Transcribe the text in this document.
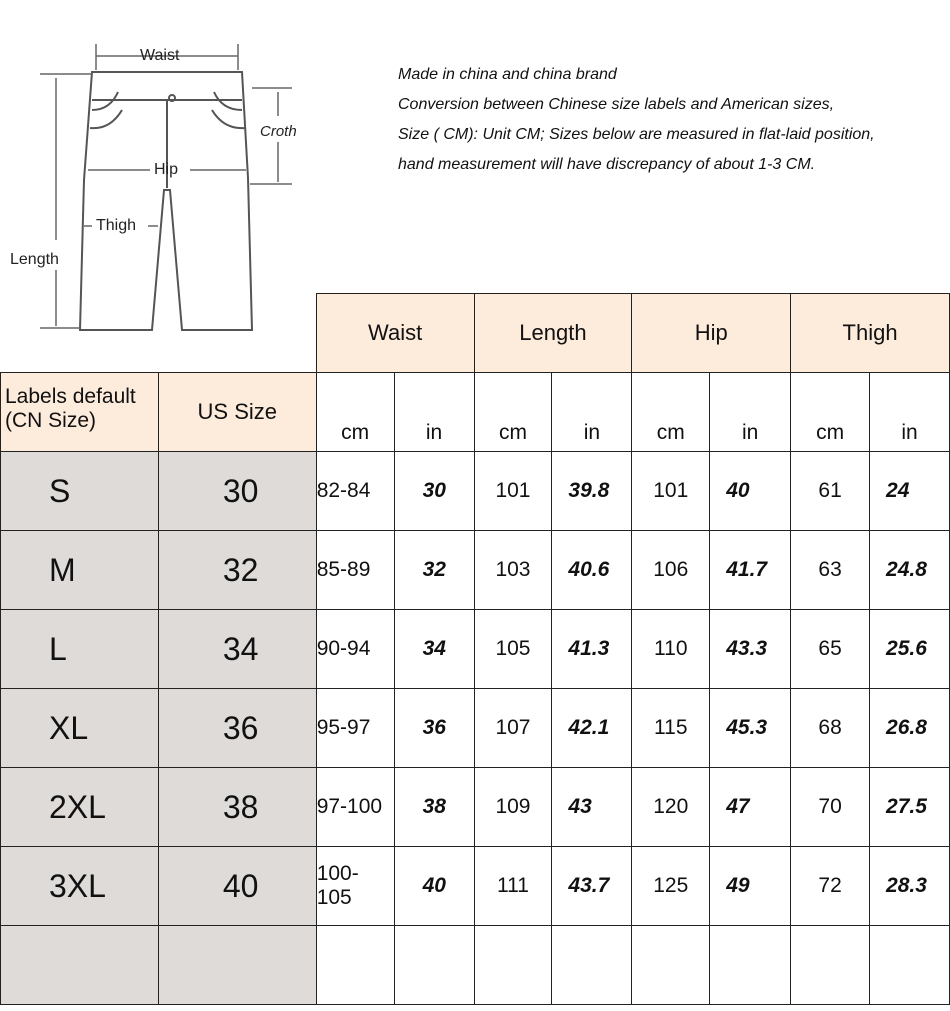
Waist
Croth
Hip
Thigh
Length
Made in china and china brand
Conversion between Chinese size labels and American sizes,
Size ( CM): Unit CM; Sizes below are measured in flat-laid position,
hand measurement will have discrepancy of about 1-3 CM.
		Waist		Length		Hip		Thigh	
Labels default
(CN Size)	US Size	cm	in	cm	in	cm	in	cm	in
S	30	82-84	30	101	39.8	101	40	61	24
M	32	85-89	32	103	40.6	106	41.7	63	24.8
L	34	90-94	34	105	41.3	110	43.3	65	25.6
XL	36	95-97	36	107	42.1	115	45.3	68	26.8
2XL	38	97-100	38	109	43	120	47	70	27.5
3XL	40	100-105	40	111	43.7	125	49	72	28.3
